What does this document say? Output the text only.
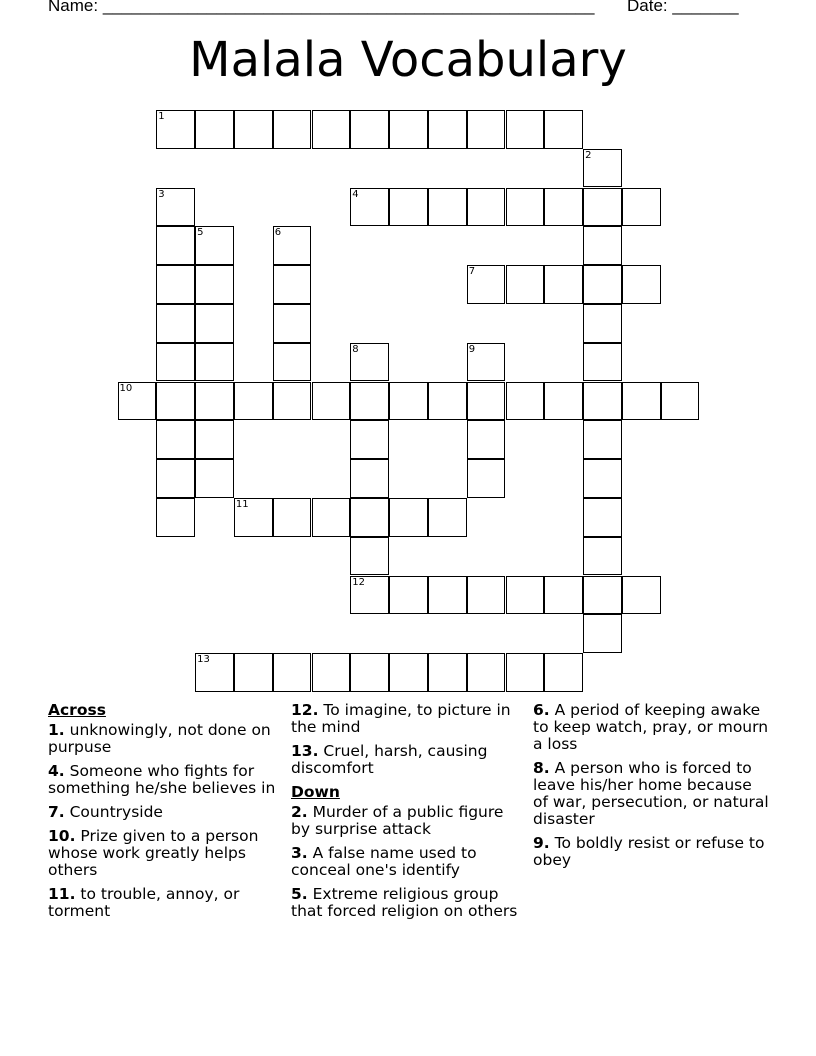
Name: ____________________________________________________ Date: _______
Malala Vocabulary
1
2
3	4
5	6
7
8
12
9
10
11
13
Across
1. unknowingly, not done on purpuse
4. Someone who fights for something he/she believes in
7. Countryside
10. Prize given to a person whose work greatly helps others
11. to trouble, annoy, or torment
12. To imagine, to picture in the mind
13. Cruel, harsh, causing discomfort
Down
2. Murder of a public figure by surprise attack
3. A false name used to conceal one's identify
5. Extreme religious group that forced religion on others
6. A period of keeping awake to keep watch, pray, or mourn a loss
8. A person who is forced to leave his/her home because of war, persecution, or natural disaster
9. To boldly resist or refuse to obey
